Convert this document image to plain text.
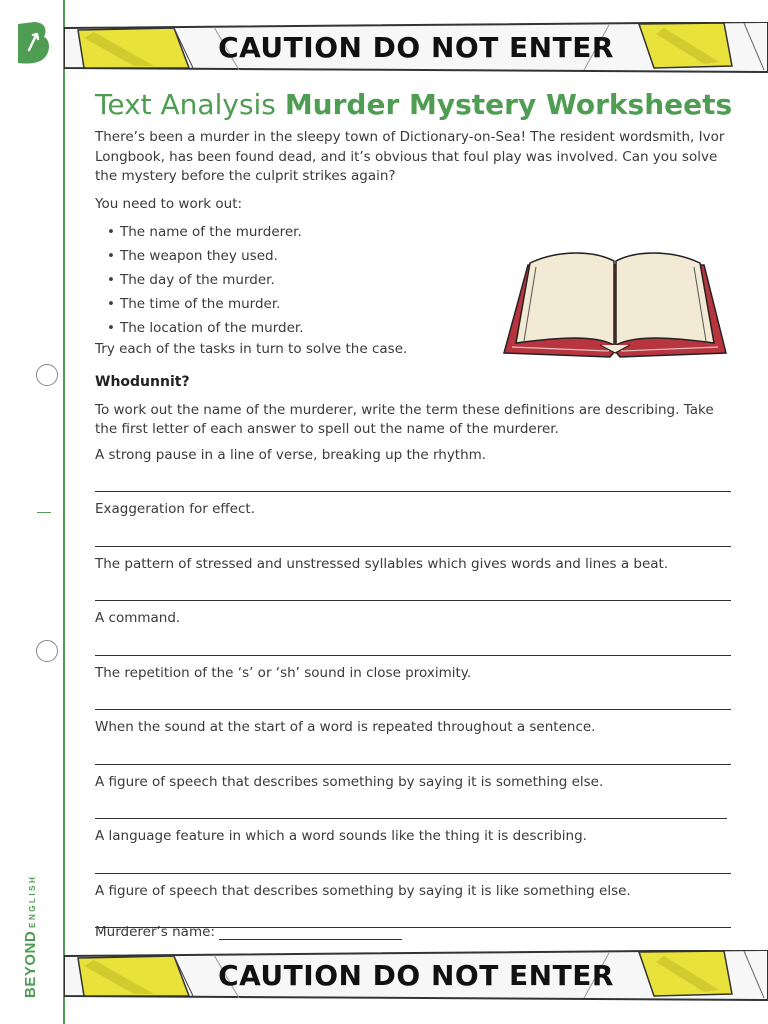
BEYONDENGLISH
CAUTION DO NOT ENTER
Text Analysis Murder Mystery Worksheets

There’s been a murder in the sleepy town of Dictionary-on-Sea! The resident wordsmith, Ivor Longbook, has been found dead, and it’s obvious that foul play was involved. Can you solve the mystery before the culprit strikes again?

You need to work out:

• The name of the murderer.
• The weapon they used.
• The day of the murder.
• The time of the murder.
• The location of the murder.

Try each of the tasks in turn to solve the case.

Whodunnit?

To work out the name of the murderer, write the term these definitions are describing. Take the first letter of each answer to spell out the name of the murderer.

A strong pause in a line of verse, breaking up the rhythm.

Exaggeration for effect.

The pattern of stressed and unstressed syllables which gives words and lines a beat.

A command.

The repetition of the ‘s’ or ‘sh’ sound in close proximity.

When the sound at the start of a word is repeated throughout a sentence.

A figure of speech that describes something by saying it is something else.

A language feature in which a word sounds like the thing it is describing.

A figure of speech that describes something by saying it is like something else.

Murderer’s name:
CAUTION DO NOT ENTER
